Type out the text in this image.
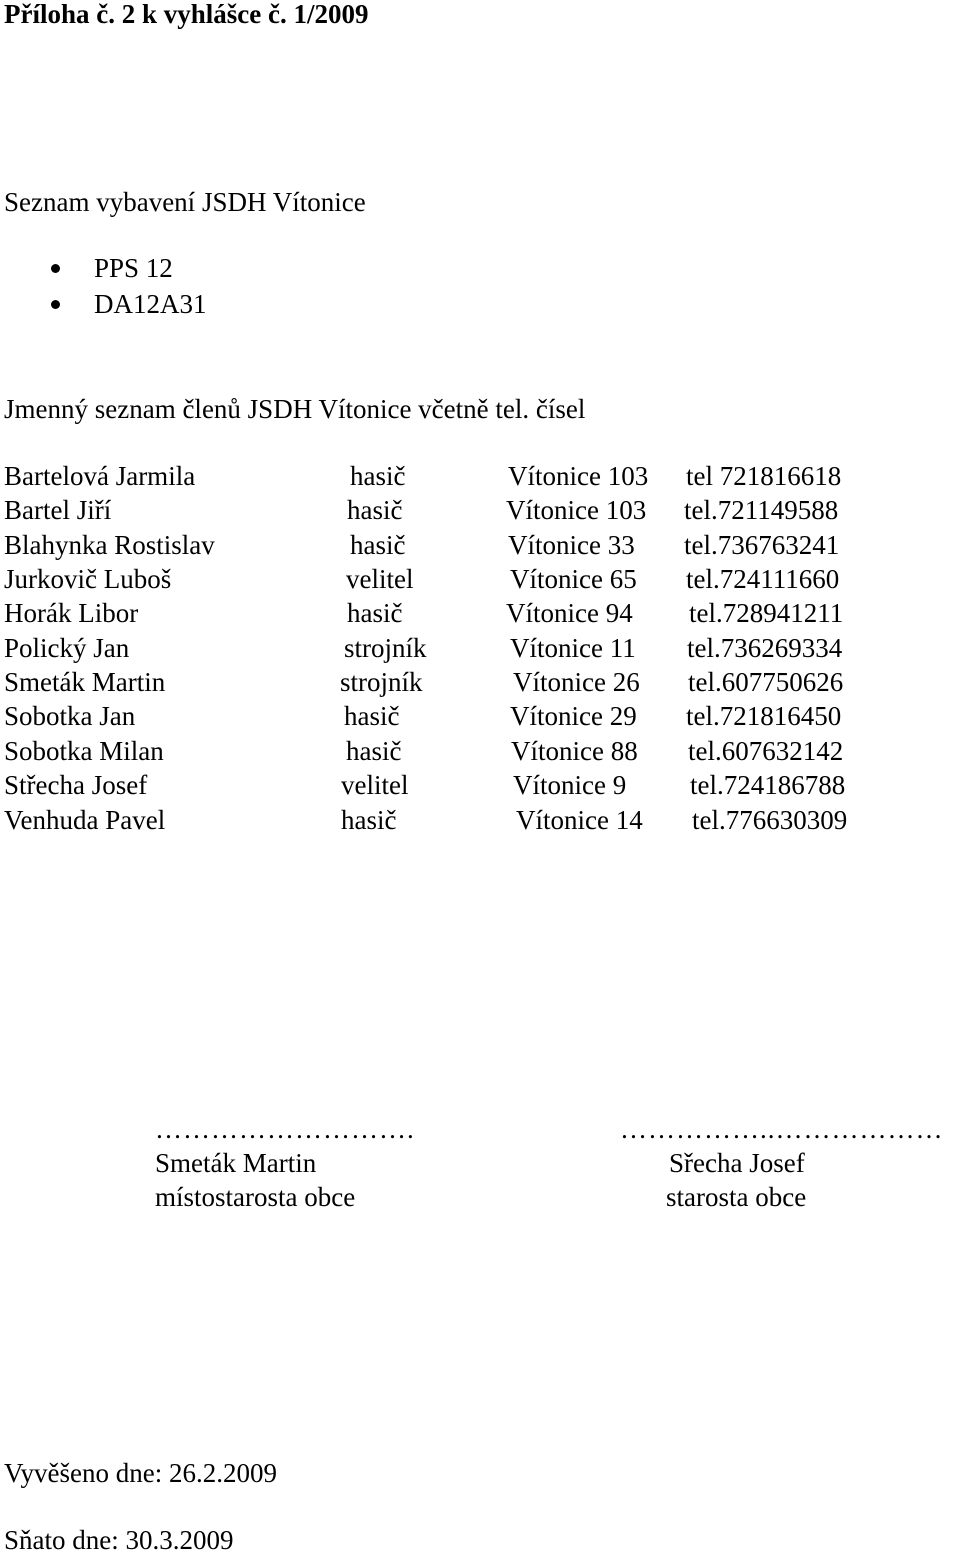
Příloha č. 2 k vyhlášce č. 1/2009
Seznam vybavení JSDH Vítonice
PPS 12
DA12A31
Jmenný seznam členů JSDH Vítonice včetně tel. čísel
Bartelová Jarmila	hasič	Vítonice 103 tel 721816618
Bartel Jiří	hasič	Vítonice 103 tel.721149588
Blahynka Rostislav	hasič	Vítonice 33 tel.736763241
Jurkovič Luboš	velitel	Vítonice 65 tel.724111660
Horák Libor	hasič	Vítonice 94 tel.728941211
Polický Jan	strojník	Vítonice 11 tel.736269334
Smeták Martin	strojník	Vítonice 26 tel.607750626
Sobotka Jan	hasič	Vítonice 29 tel.721816450
Sobotka Milan	hasič	Vítonice 88 tel.607632142
Střecha Josef	velitel	Vítonice 9 tel.724186788
Venhuda Pavel	hasič	Vítonice 14 tel.776630309
……………………….
Smeták Martin
místostarosta obce
……………..………………
Sřecha Josef
starosta obce
Vyvěšeno dne: 26.2.2009
Sňato dne: 30.3.2009
